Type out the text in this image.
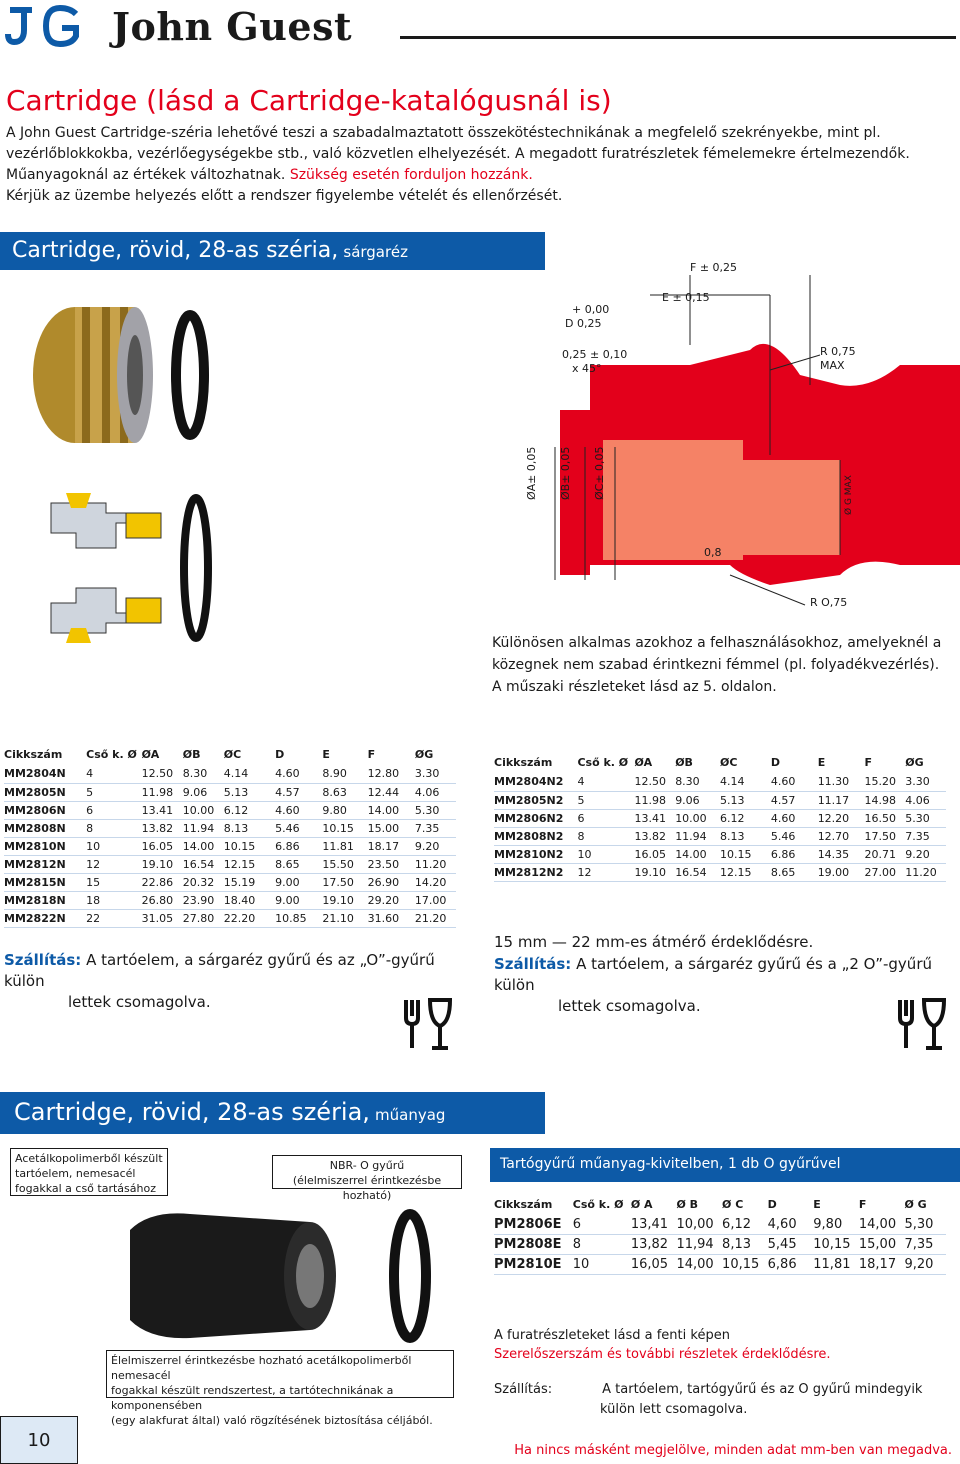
John Guest
Cartridge (lásd a Cartridge-katalógusnál is)

A John Guest Cartridge-széria lehetővé teszi a szabadalmaztatott összekötéstechnikának a megfelelő szekrényekbe, mint pl.

vezérlőblokkokba, vezérlőegységekbe stb., való közvetlen elhelyezését. A megadott furatrészletek fémelemekre értelmezendők.

Műanyagoknál az értékek változhatnak. Szükség esetén forduljon hozzánk.

Kérjük az üzembe helyezés előtt a rendszer figyelembe vételét és ellenőrzését.

Cartridge, rövid, 28-as széria, sárgaréz
F ± 0,25
E ± 0,15
+ 0,00
D 0,25
0,25 ± 0,10
x 45°
R 0,75
MAX
ØA± 0,05 ØB± 0,05 ØC± 0,05	Ø G MAX
0,8
R O,75
Különösen alkalmas azokhoz a felhasználásokhoz, amelyeknél a
közegnek nem szabad érintkezni fémmel (pl. folyadékvezérlés).
A műszaki részleteket lásd az 5. oldalon.
Cikkszám	Cső k. Ø	ØA	ØB	ØC	D	E	F	ØG
MM2804N	4	12.50	8.30	4.14	4.60	8.90	12.80	3.30
MM2805N	5	11.98	9.06	5.13	4.57	8.63	12.44	4.06
MM2806N	6	13.41	10.00	6.12	4.60	9.80	14.00	5.30
MM2808N	8	13.82	11.94	8.13	5.46	10.15	15.00	7.35
MM2810N	10	16.05	14.00	10.15	6.86	11.81	18.17	9.20
MM2812N	12	19.10	16.54	12.15	8.65	15.50	23.50	11.20
MM2815N	15	22.86	20.32	15.19	9.00	17.50	26.90	14.20
MM2818N	18	26.80	23.90	18.40	9.00	19.10	29.20	17.00
MM2822N	22	31.05	27.80	22.20	10.85	21.10	31.60	21.20
Szállítás: A tartóelem, a sárgaréz gyűrű és az „O”-gyűrű külön
lettek csomagolva.
Cikkszám	Cső k. Ø	ØA	ØB	ØC	D	E	F	ØG
MM2804N2	4	12.50	8.30	4.14	4.60	11.30	15.20	3.30
MM2805N2	5	11.98	9.06	5.13	4.57	11.17	14.98	4.06
MM2806N2	6	13.41	10.00	6.12	4.60	12.20	16.50	5.30
MM2808N2	8	13.82	11.94	8.13	5.46	12.70	17.50	7.35
MM2810N2	10	16.05	14.00	10.15	6.86	14.35	20.71	9.20
MM2812N2	12	19.10	16.54	12.15	8.65	19.00	27.00	11.20
15 mm — 22 mm-es átmérő érdeklődésre.
Szállítás: A tartóelem, a sárgaréz gyűrű és a „2 O”-gyűrű külön
lettek csomagolva.
Cartridge, rövid, 28-as széria, műanyag
Acetálkopolimerből készült
tartóelem, nemesacél
fogakkal a cső tartásához
NBR- O gyűrű
(élelmiszerrel érintkezésbe hozható)
Élelmiszerrel érintkezésbe hozható acetálkopolimerből nemesacél
fogakkal készült rendszertest, a tartótechnikának a komponensében
(egy alakfurat által) való rögzítésének biztosítása céljából.
Tartógyűrű műanyag-kivitelben, 1 db O gyűrűvel
Cikkszám	Cső k. Ø	Ø A	Ø B	Ø C	D	E	F	Ø G
PM2806E	6	13,41	10,00	6,12	4,60	9,80	14,00	5,30
PM2808E	8	13,82	11,94	8,13	5,45	10,15	15,00	7,35
PM2810E	10	16,05	14,00	10,15	6,86	11,81	18,17	9,20
A furatrészleteket lásd a fenti képen
Szerelőszerszám és további részletek érdeklődésre.
Szállítás:	A tartóelem, tartógyűrű és az O gyűrű mindegyik
külön lett csomagolva.
10	Ha nincs másként megjelölve, minden adat mm-ben van megadva.
